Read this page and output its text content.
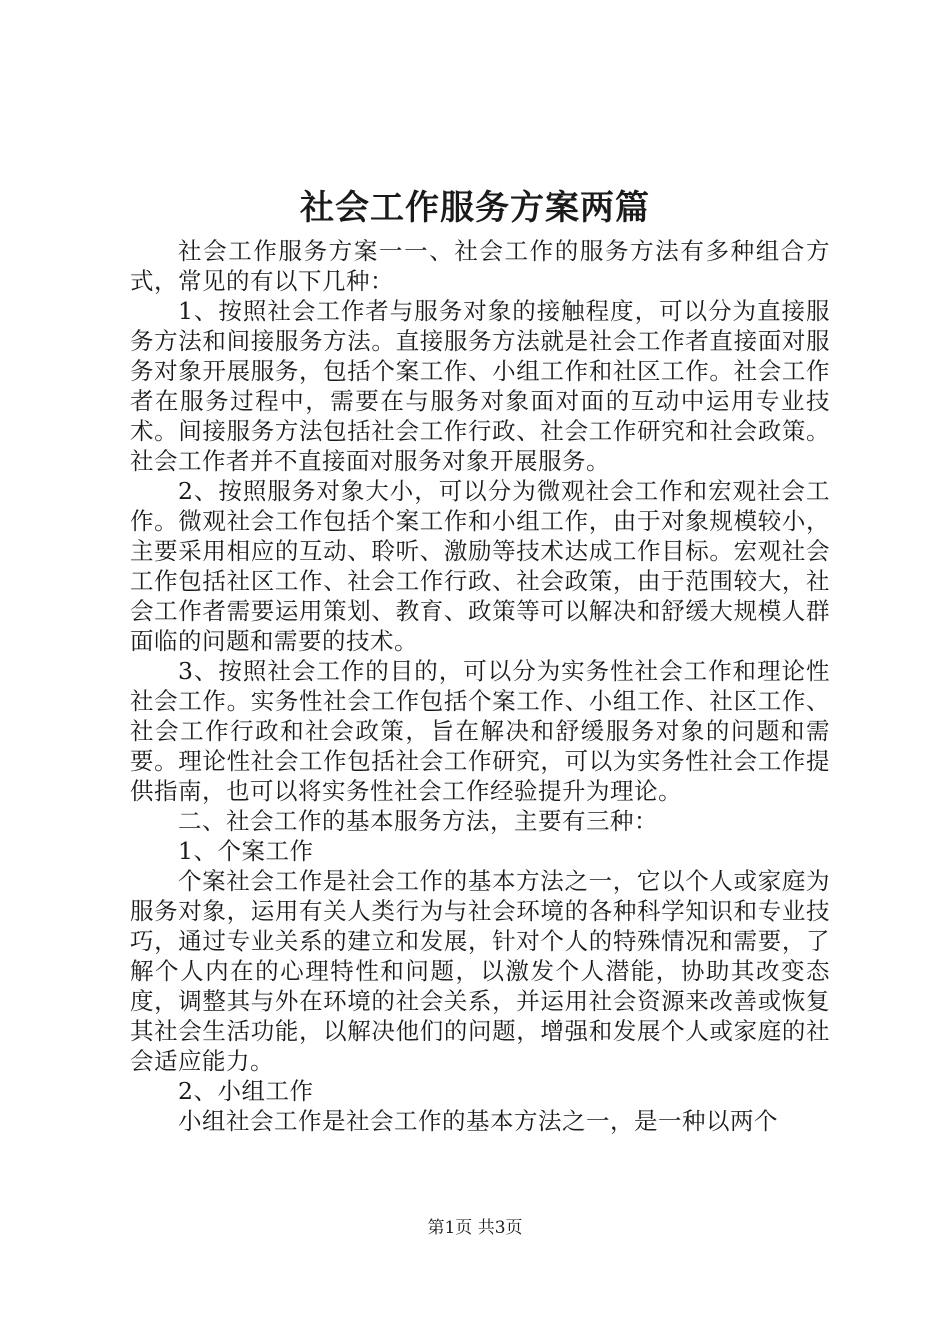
社会工作服务方案两篇

社会工作服务方案一一、社会工作的服务方法有多种组合方式，常见的有以下几种：

1、按照社会工作者与服务对象的接触程度，可以分为直接服务方法和间接服务方法。直接服务方法就是社会工作者直接面对服务对象开展服务，包括个案工作、小组工作和社区工作。社会工作者在服务过程中，需要在与服务对象面对面的互动中运用专业技术。间接服务方法包括社会工作行政、社会工作研究和社会政策。社会工作者并不直接面对服务对象开展服务。

2、按照服务对象大小，可以分为微观社会工作和宏观社会工作。微观社会工作包括个案工作和小组工作，由于对象规模较小，主要采用相应的互动、聆听、激励等技术达成工作目标。宏观社会工作包括社区工作、社会工作行政、社会政策，由于范围较大，社会工作者需要运用策划、教育、政策等可以解决和舒缓大规模人群面临的问题和需要的技术。

3、按照社会工作的目的，可以分为实务性社会工作和理论性社会工作。实务性社会工作包括个案工作、小组工作、社区工作、社会工作行政和社会政策，旨在解决和舒缓服务对象的问题和需要。理论性社会工作包括社会工作研究，可以为实务性社会工作提供指南，也可以将实务性社会工作经验提升为理论。

二、社会工作的基本服务方法，主要有三种：

1、个案工作

个案社会工作是社会工作的基本方法之一，它以个人或家庭为服务对象，运用有关人类行为与社会环境的各种科学知识和专业技巧，通过专业关系的建立和发展，针对个人的特殊情况和需要，了解个人内在的心理特性和问题，以激发个人潜能，协助其改变态度，调整其与外在环境的社会关系，并运用社会资源来改善或恢复其社会生活功能，以解决他们的问题，增强和发展个人或家庭的社会适应能力。

2、小组工作

小组社会工作是社会工作的基本方法之一，是一种以两个

第1页 共3页
